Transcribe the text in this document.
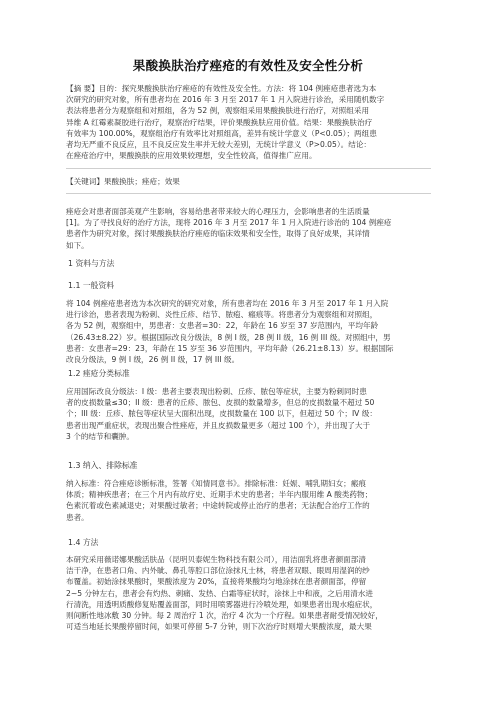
果酸换肤治疗痤疮的有效性及安全性分析
【摘 要】目的：探究果酸换肤治疗痤疮的有效性及安全性。方法：将 104 例痤疮患者选为本
次研究的研究对象，所有患者均在 2016 年 3 月至 2017 年 1 月入院进行诊治，采用随机数字
表法将患者分为观察组和对照组，各为 52 例，观察组采用果酸换肤进行治疗，对照组采用
异维 A 红霉素凝胶进行治疗，观察治疗结果，评价果酸换肤应用价值。结果：果酸换肤治疗
有效率为 100.00%，观察组治疗有效率比对照组高，差异有统计学意义（P<0.05）；两组患
者均无严重不良反应，且不良反应发生率并无较大差别，无统计学意义（P>0.05）。结论：
在痤疮治疗中，果酸换肤的应用效果较理想，安全性较高，值得推广应用。
【关键词】果酸换肤；痤疮；效果
痤疮会对患者面部美观产生影响，容易给患者带来较大的心理压力，会影响患者的生活质量
[1]。为了寻找良好的治疗方法，现将 2016 年 3 月至 2017 年 1 月入院进行诊治的 104 例痤疮
患者作为研究对象，探讨果酸换肤治疗痤疮的临床效果和安全性，取得了良好成果，其详情
如下。
1 资料与方法
1.1 一般资料
将 104 例痤疮患者选为本次研究的研究对象，所有患者均在 2016 年 3 月至 2017 年 1 月入院
进行诊治，患者表现为粉刺、炎性丘疹、结节、脓疱、瘢痕等。将患者分为观察组和对照组，
各为 52 例，观察组中，男患者：女患者=30：22，年龄在 16 岁至 37 岁范围内，平均年龄
（26.43±8.22）岁。根据国际改良分级法，8 例 I 级，28 例 II 级，16 例 III 级。对照组中，男
患者：女患者=29：23，年龄在 15 岁至 36 岁范围内，平均年龄（26.21±8.13）岁。根据国际
改良分级法，9 例 I 级，26 例 II 级，17 例 III 级。
1.2 痤疮分类标准
应用国际改良分级法：I 级：患者主要表现出粉刺、丘疹、脓包等症状，主要为粉刺同时患
者的皮损数量≤30；II 级：患者的丘疹、脓包、皮损的数量增多，但总的皮损数量不超过 50
个；III 级：丘疹、脓包等症状呈大面积出现，皮损数量在 100 以下，但超过 50 个；IV 级：
患者出现严重症状，表现出聚合性痤疮，并且皮损数量更多（超过 100 个），并出现了大于
3 个的结节和囊肿。
1.3 纳入、排除标准
纳入标准：符合痤疮诊断标准，签署《知情同意书》。排除标准：妊娠、哺乳期妇女；瘢痕
体质；精神疾患者；在三个月内有故疗史、近期手术史的患者；半年内服用维 A 酸类药物；
色素沉着或色素减退史；对果酸过敏者；中途转院或停止治疗的患者；无法配合治疗工作的
患者。
1.4 方法
本研究采用薇诺娜果酸活肤品（昆明贝泰妮生物科技有限公司），用洁面乳将患者颜面部清
洁干净，在患者口角、内外眦、鼻孔等腔口部位涂抹凡士林，将患者双眼、眼周用湿润的纱
布覆盖。初始涂抹果酸时，果酸浓度为 20%，直接将果酸均匀地涂抹在患者颜面部，停留
2~5 分钟左右，患者会有灼热、刺痛、发热、白霜等症状时，涂抹上中和液，之后用清水进
行清洗，用透明质酸修复贴覆盖面部，同时用喷雾器进行冷喷处理，如果患者出现水疱症状，
则间断性地冰敷 30 分钟。每 2 周治疗 1 次，治疗 4 次为一个疗程。如果患者耐受情况较好，
可适当地延长果酸停留时间，如果可停留 5-7 分钟，则下次治疗时则增大果酸浓度，最大果
